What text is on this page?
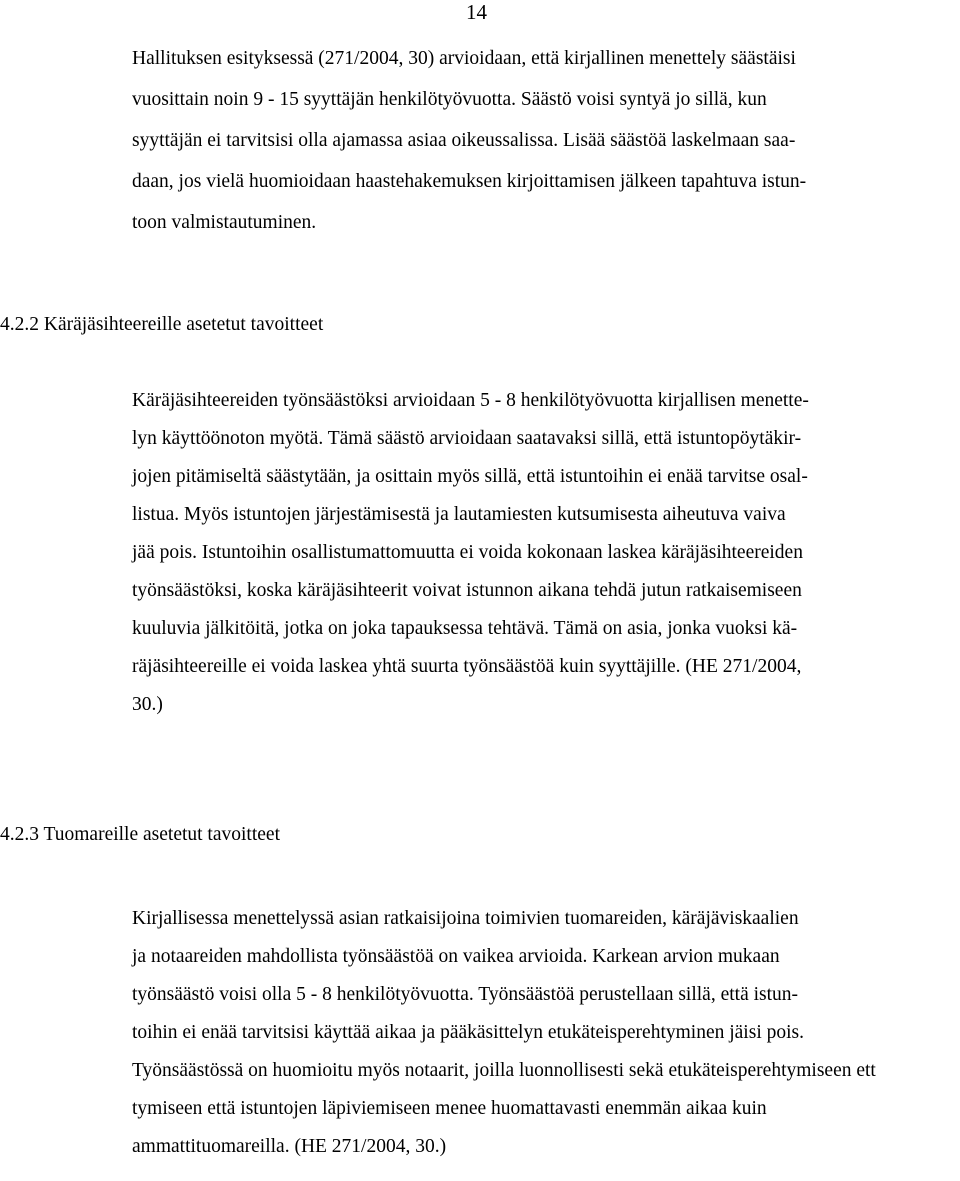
14

Hallituksen esityksessä (271/2004, 30) arvioidaan, että kirjallinen menettely säästäisi
vuosittain noin 9 - 15 syyttäjän henkilötyövuotta. Säästö voisi syntyä jo sillä, kun
syyttäjän ei tarvitsisi olla ajamassa asiaa oikeussalissa. Lisää säästöä laskelmaan saa-
daan, jos vielä huomioidaan haastehakemuksen kirjoittamisen jälkeen tapahtuva istun-
toon valmistautuminen.

4.2.2 Käräjäsihteereille asetetut tavoitteet

Käräjäsihteereiden työnsäästöksi arvioidaan 5 - 8 henkilötyövuotta kirjallisen menette-
lyn käyttöönoton myötä. Tämä säästö arvioidaan saatavaksi sillä, että istuntopöytäkir-
jojen pitämiseltä säästytään, ja osittain myös sillä, että istuntoihin ei enää tarvitse osal-
listua. Myös istuntojen järjestämisestä ja lautamiesten kutsumisesta aiheutuva vaiva
jää pois. Istuntoihin osallistumattomuutta ei voida kokonaan laskea käräjäsihteereiden
työnsäästöksi, koska käräjäsihteerit voivat istunnon aikana tehdä jutun ratkaisemiseen
kuuluvia jälkitöitä, jotka on joka tapauksessa tehtävä. Tämä on asia, jonka vuoksi kä-
räjäsihteereille ei voida laskea yhtä suurta työnsäästöä kuin syyttäjille. (HE 271/2004,
30.)

4.2.3 Tuomareille asetetut tavoitteet

Kirjallisessa menettelyssä asian ratkaisijoina toimivien tuomareiden, käräjäviskaalien
ja notaareiden mahdollista työnsäästöä on vaikea arvioida. Karkean arvion mukaan
työnsäästö voisi olla 5 - 8 henkilötyövuotta. Työnsäästöä perustellaan sillä, että istun-
toihin ei enää tarvitsisi käyttää aikaa ja pääkäsittelyn etukäteisperehtyminen jäisi pois.
Työnsäästössä on huomioitu myös notaarit, joilla luonnollisesti sekä etukäteisperehtymiseen ett
tymiseen että istuntojen läpiviemiseen menee huomattavasti enemmän aikaa kuin
ammattituomareilla. (HE 271/2004, 30.)
